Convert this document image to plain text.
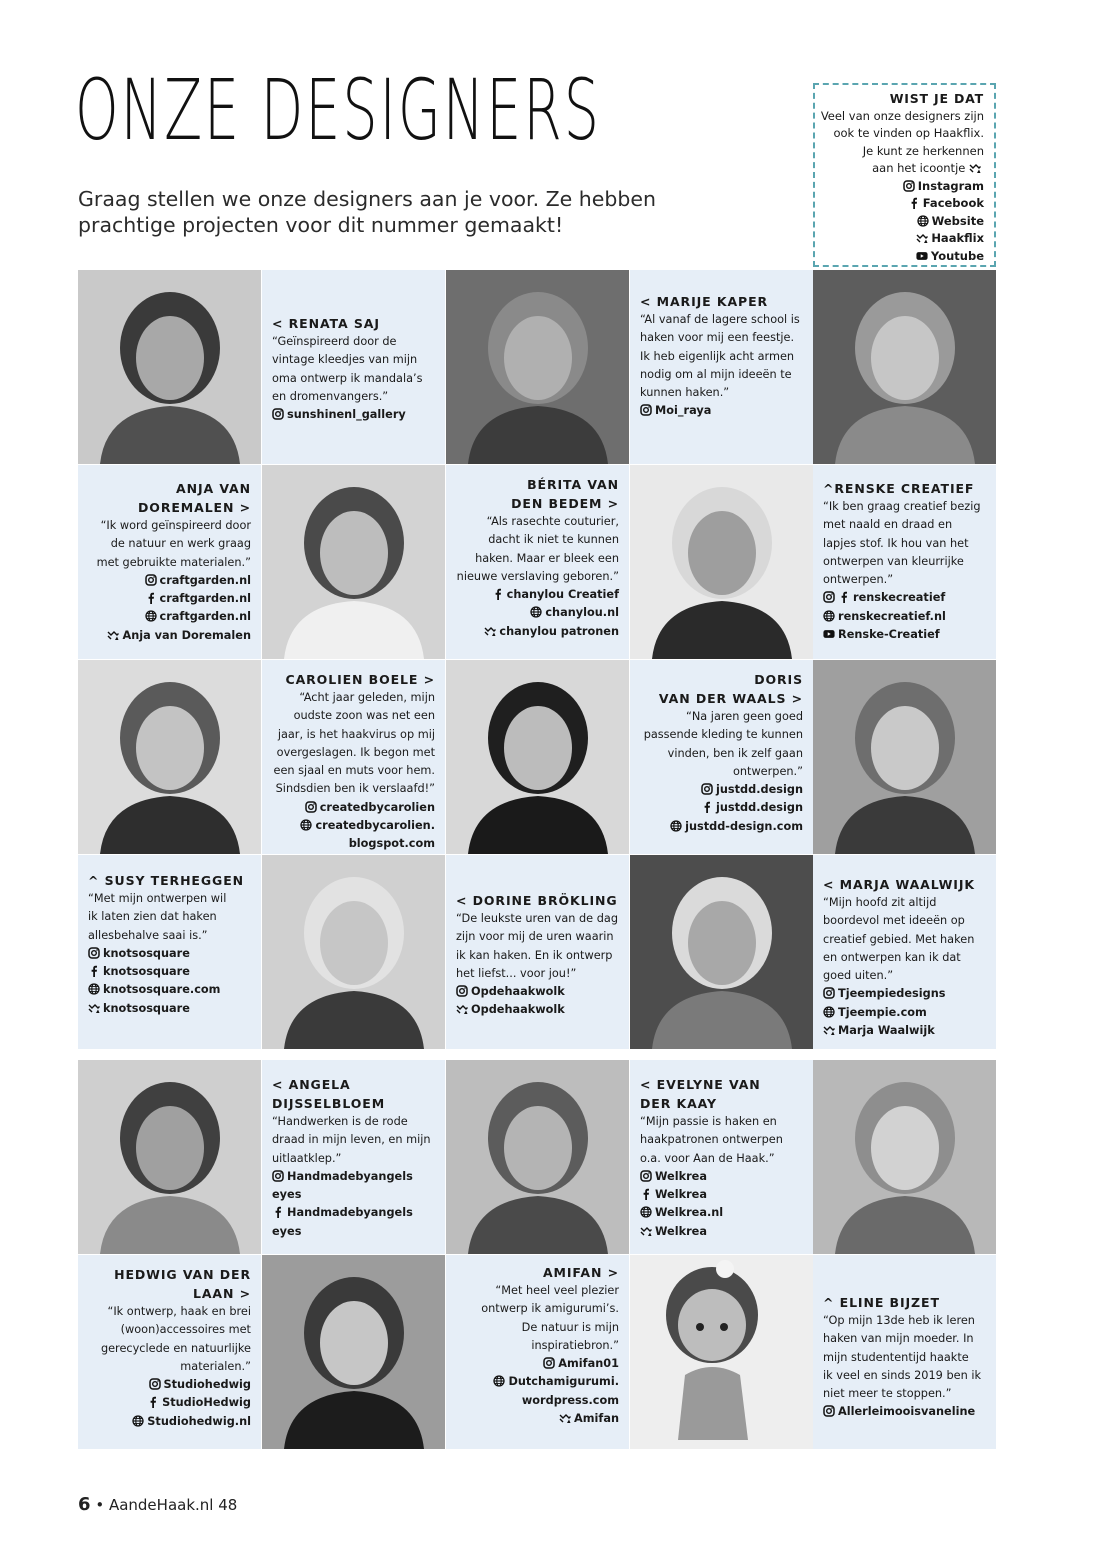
ONZE DESIGNERS
Graag stellen we onze designers aan je voor. Ze hebben
prachtige projecten voor dit nummer gemaakt!
WIST JE DAT
Veel van onze designers zijn
ook te vinden op Haakflix.
Je kunt ze herkennen
aan het icoontje
Instagram
Facebook
Website
Haakflix
Youtube
< RENATA SAJ
“Geïnspireerd door de
vintage kleedjes van mijn
oma ontwerp ik mandala’s
en dromenvangers.”
sunshinenl_gallery
< MARIJE KAPER
“Al vanaf de lagere school is
haken voor mij een feestje.
Ik heb eigenlijk acht armen
nodig om al mijn ideeën te
kunnen haken.”
Moi_raya
ANJA VAN
DOREMALEN >
“Ik word geïnspireerd door
de natuur en werk graag
met gebruikte materialen.”
craftgarden.nl
craftgarden.nl
craftgarden.nl
Anja van Doremalen
BÉRITA VAN
DEN BEDEM >
“Als rasechte couturier,
dacht ik niet te kunnen
haken. Maar er bleek een
nieuwe verslaving geboren.”
chanylou Creatief
chanylou.nl
chanylou patronen
^RENSKE CREATIEF
“Ik ben graag creatief bezig
met naald en draad en
lapjes stof. Ik hou van het
ontwerpen van kleurrijke
ontwerpen.”
renskecreatief
renskecreatief.nl
Renske-Creatief
CAROLIEN BOELE >
“Acht jaar geleden, mijn
oudste zoon was net een
jaar, is het haakvirus op mij
overgeslagen. Ik begon met
een sjaal en muts voor hem.
Sindsdien ben ik verslaafd!”
createdbycarolien
createdbycarolien.
blogspot.com
DORIS
VAN DER WAALS >
“Na jaren geen goed
passende kleding te kunnen
vinden, ben ik zelf gaan
ontwerpen.”
justdd.design
justdd.design
justdd-design.com
^ SUSY TERHEGGEN
“Met mijn ontwerpen wil
ik laten zien dat haken
allesbehalve saai is.”
knotsosquare
knotsosquare
knotsosquare.com
knotsosquare
< DORINE BRÖKLING
“De leukste uren van de dag
zijn voor mij de uren waarin
ik kan haken. En ik ontwerp
het liefst... voor jou!”
Opdehaakwolk
Opdehaakwolk
< MARJA WAALWIJK
“Mijn hoofd zit altijd
boordevol met ideeën op
creatief gebied. Met haken
en ontwerpen kan ik dat
goed uiten.”
Tjeempiedesigns
Tjeempie.com
Marja Waalwijk
< ANGELA
DIJSSELBLOEM
“Handwerken is de rode
draad in mijn leven, en mijn
uitlaatklep.”
Handmadebyangels
eyes
Handmadebyangels
eyes
< EVELYNE VAN
DER KAAY
“Mijn passie is haken en
haakpatronen ontwerpen
o.a. voor Aan de Haak.”
Welkrea
Welkrea
Welkrea.nl
Welkrea
HEDWIG VAN DER
LAAN >
“Ik ontwerp, haak en brei
(woon)accessoires met
gerecyclede en natuurlijke
materialen.”
Studiohedwig
StudioHedwig
Studiohedwig.nl
AMIFAN >
“Met heel veel plezier
ontwerp ik amigurumi’s.
De natuur is mijn
inspiratiebron.”
Amifan01
Dutchamigurumi.
wordpress.com
Amifan
^ ELINE BIJZET
“Op mijn 13de heb ik leren
haken van mijn moeder. In
mijn studententijd haakte
ik veel en sinds 2019 ben ik
niet meer te stoppen.”
Allerleimooisvaneline
6 • AandeHaak.nl 48
